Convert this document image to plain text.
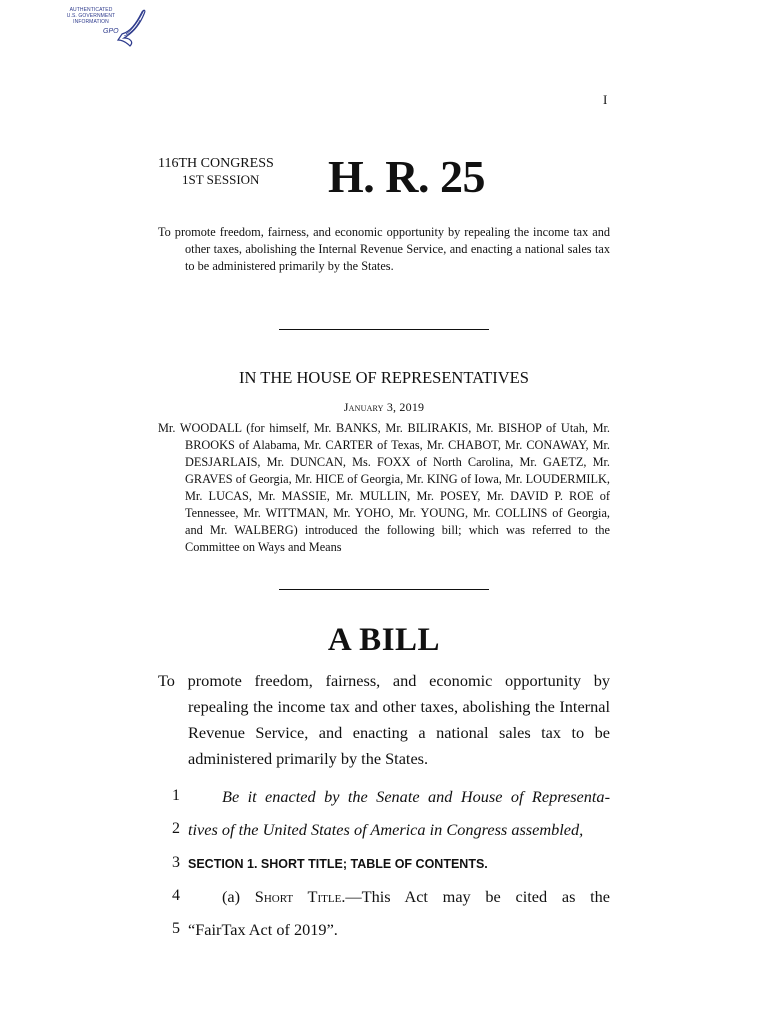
AUTHENTICATED
U.S. GOVERNMENT
INFORMATION
GPO
I
116TH CONGRESS
1ST SESSION H. R. 25
To promote freedom, fairness, and economic opportunity by repealing the income tax and other taxes, abolishing the Internal Revenue Service, and enacting a national sales tax to be administered primarily by the States.
IN THE HOUSE OF REPRESENTATIVES
January 3, 2019
Mr. WOODALL (for himself, Mr. BANKS, Mr. BILIRAKIS, Mr. BISHOP of Utah, Mr. BROOKS of Alabama, Mr. CARTER of Texas, Mr. CHABOT, Mr. CONAWAY, Mr. DESJARLAIS, Mr. DUNCAN, Ms. FOXX of North Carolina, Mr. GAETZ, Mr. GRAVES of Georgia, Mr. HICE of Georgia, Mr. KING of Iowa, Mr. LOUDERMILK, Mr. LUCAS, Mr. MASSIE, Mr. MULLIN, Mr. POSEY, Mr. DAVID P. ROE of Tennessee, Mr. WITTMAN, Mr. YOHO, Mr. YOUNG, Mr. COLLINS of Georgia, and Mr. WALBERG) introduced the following bill; which was referred to the Committee on Ways and Means
A BILL
To promote freedom, fairness, and economic opportunity by repealing the income tax and other taxes, abolishing the Internal Revenue Service, and enacting a national sales tax to be administered primarily by the States.
1	Be it enacted by the Senate and House of Representa-
2 tives of the United States of America in Congress assembled,
3 SECTION 1. SHORT TITLE; TABLE OF CONTENTS.
4	(a) Short Title.—This Act may be cited as the
5 “FairTax Act of 2019”.
